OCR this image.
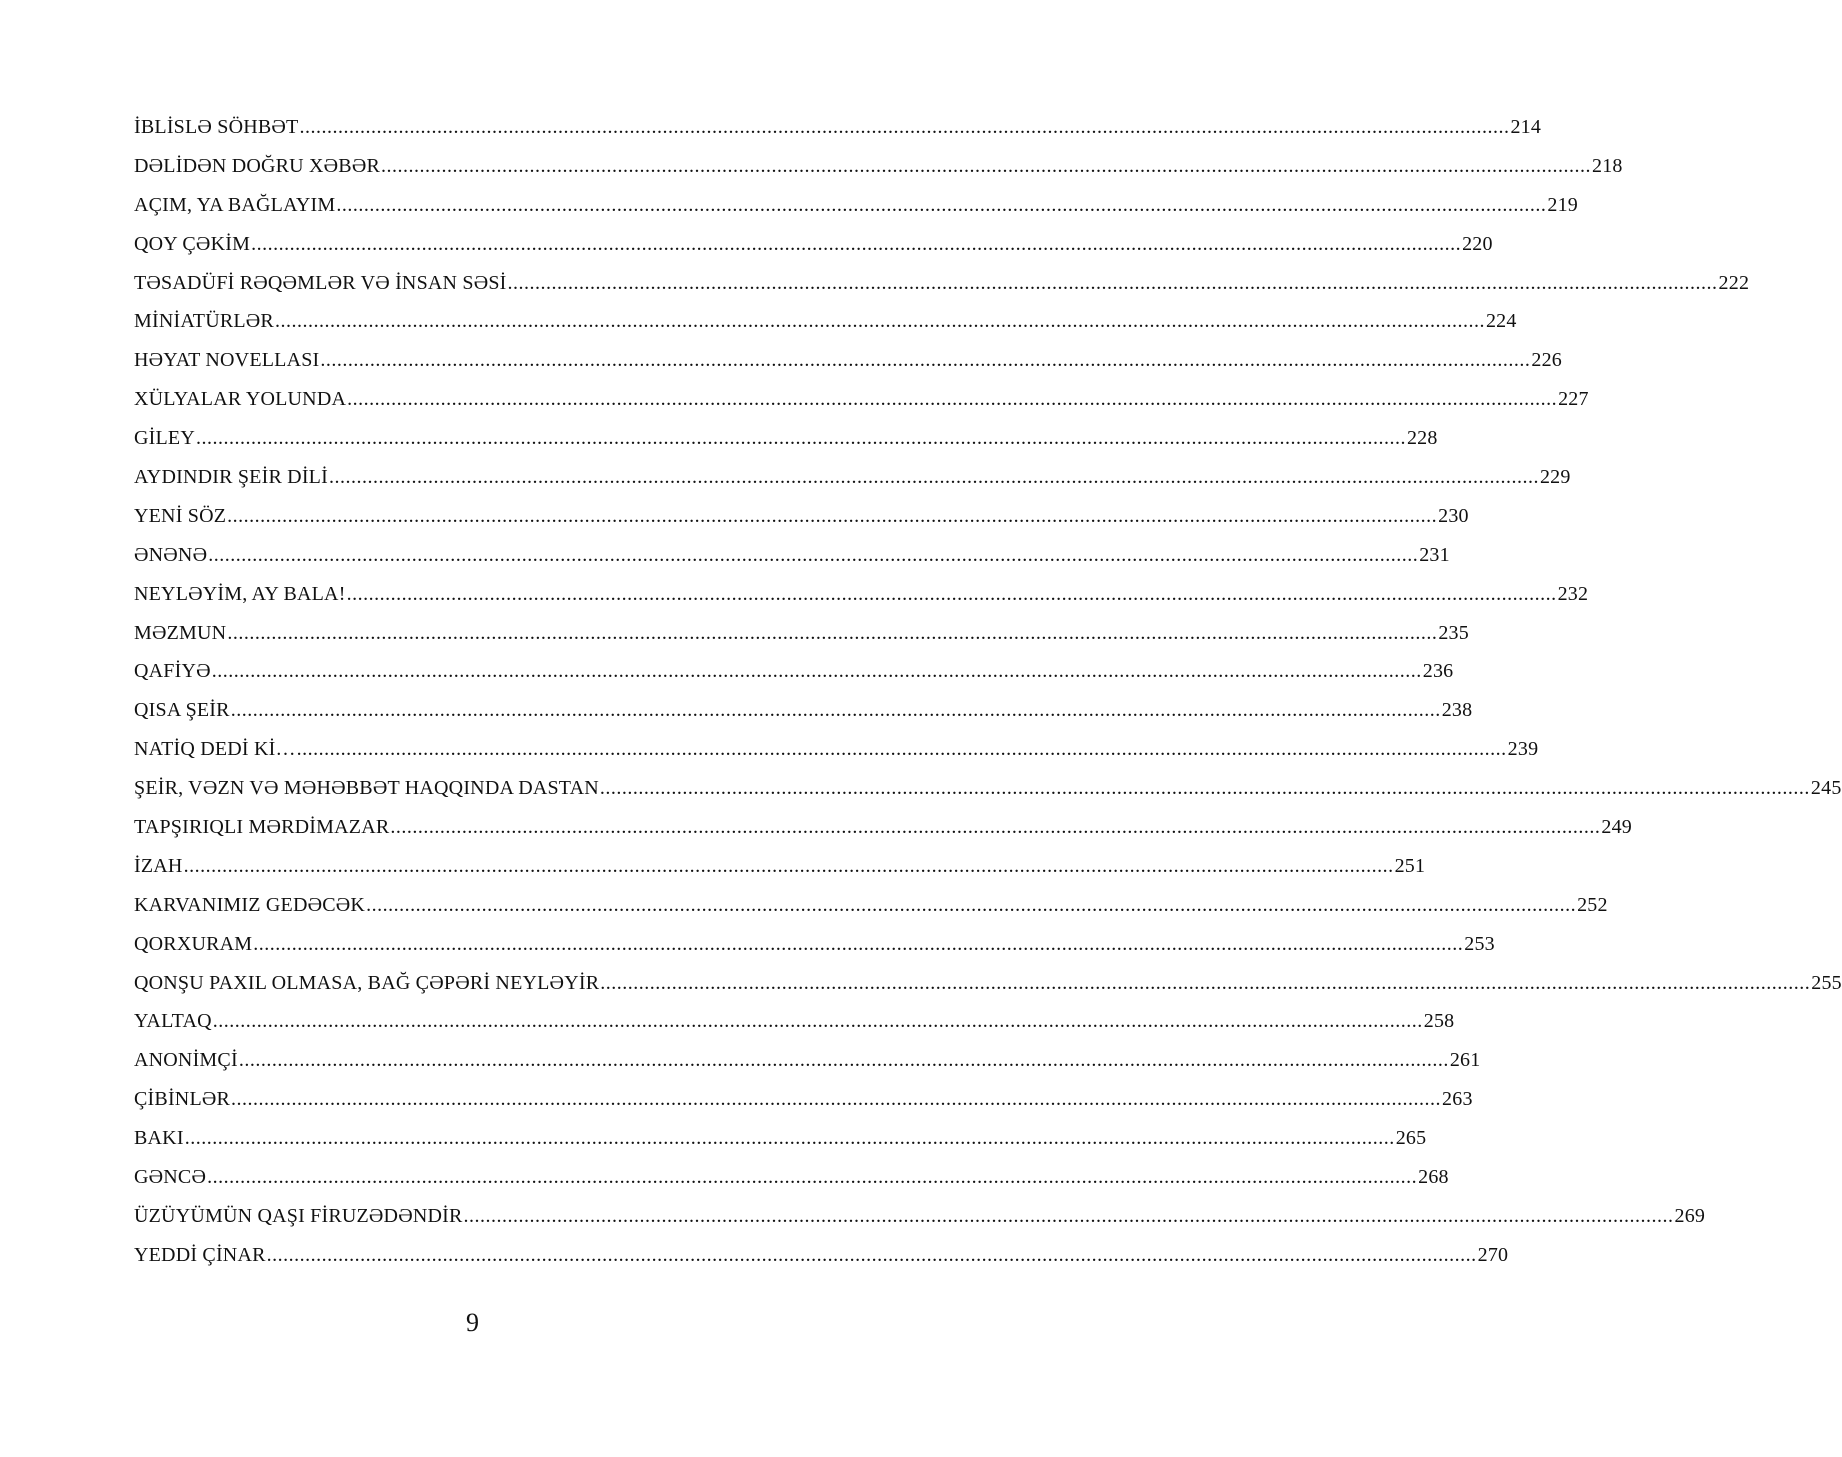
İBLİSLƏ SÖHBƏT ............................................................................................................................................................................................................................ 214
DƏLİDƏN DOĞRU XƏBƏR ............................................................................................................................................................................................................................ 218
AÇIM, YA BAĞLAYIM ............................................................................................................................................................................................................................ 219
QOY ÇƏKİM ............................................................................................................................................................................................................................ 220
TƏSADÜFİ RƏQƏMLƏR VƏ İNSAN SƏSİ ............................................................................................................................................................................................................................ 222
MİNİATÜRLƏR ............................................................................................................................................................................................................................ 224
HƏYAT NOVELLASI ............................................................................................................................................................................................................................ 226
XÜLYALAR YOLUNDA ............................................................................................................................................................................................................................ 227
GİLEY ............................................................................................................................................................................................................................ 228
AYDINDIR ŞEİR DİLİ ............................................................................................................................................................................................................................ 229
YENİ SÖZ ............................................................................................................................................................................................................................ 230
ƏNƏNƏ ............................................................................................................................................................................................................................ 231
NEYLƏYİM, AY BALA! ............................................................................................................................................................................................................................ 232
MƏZMUN ............................................................................................................................................................................................................................ 235
QAFİYƏ ............................................................................................................................................................................................................................ 236
QISA ŞEİR ............................................................................................................................................................................................................................ 238
NATİQ DEDİ Kİ… ............................................................................................................................................................................................................................ 239
ŞEİR, VƏZN VƏ MƏHƏBBƏT HAQQINDA DASTAN ............................................................................................................................................................................................................................ 245
TAPŞIRIQLI MƏRDİMAZAR ............................................................................................................................................................................................................................ 249
İZAH ............................................................................................................................................................................................................................ 251
KARVANIMIZ GEDƏCƏK ............................................................................................................................................................................................................................ 252
QORXURAM ............................................................................................................................................................................................................................ 253
QONŞU PAXIL OLMASA, BAĞ ÇƏPƏRİ NEYLƏYİR ............................................................................................................................................................................................................................ 255
YALTAQ ............................................................................................................................................................................................................................ 258
ANONİMÇİ ............................................................................................................................................................................................................................ 261
ÇİBİNLƏR ............................................................................................................................................................................................................................ 263
BAKI ............................................................................................................................................................................................................................ 265
GƏNCƏ ............................................................................................................................................................................................................................ 268
ÜZÜYÜMÜN QAŞI FİRUZƏDƏNDİR ............................................................................................................................................................................................................................ 269
YEDDİ ÇİNAR ............................................................................................................................................................................................................................ 270
9
